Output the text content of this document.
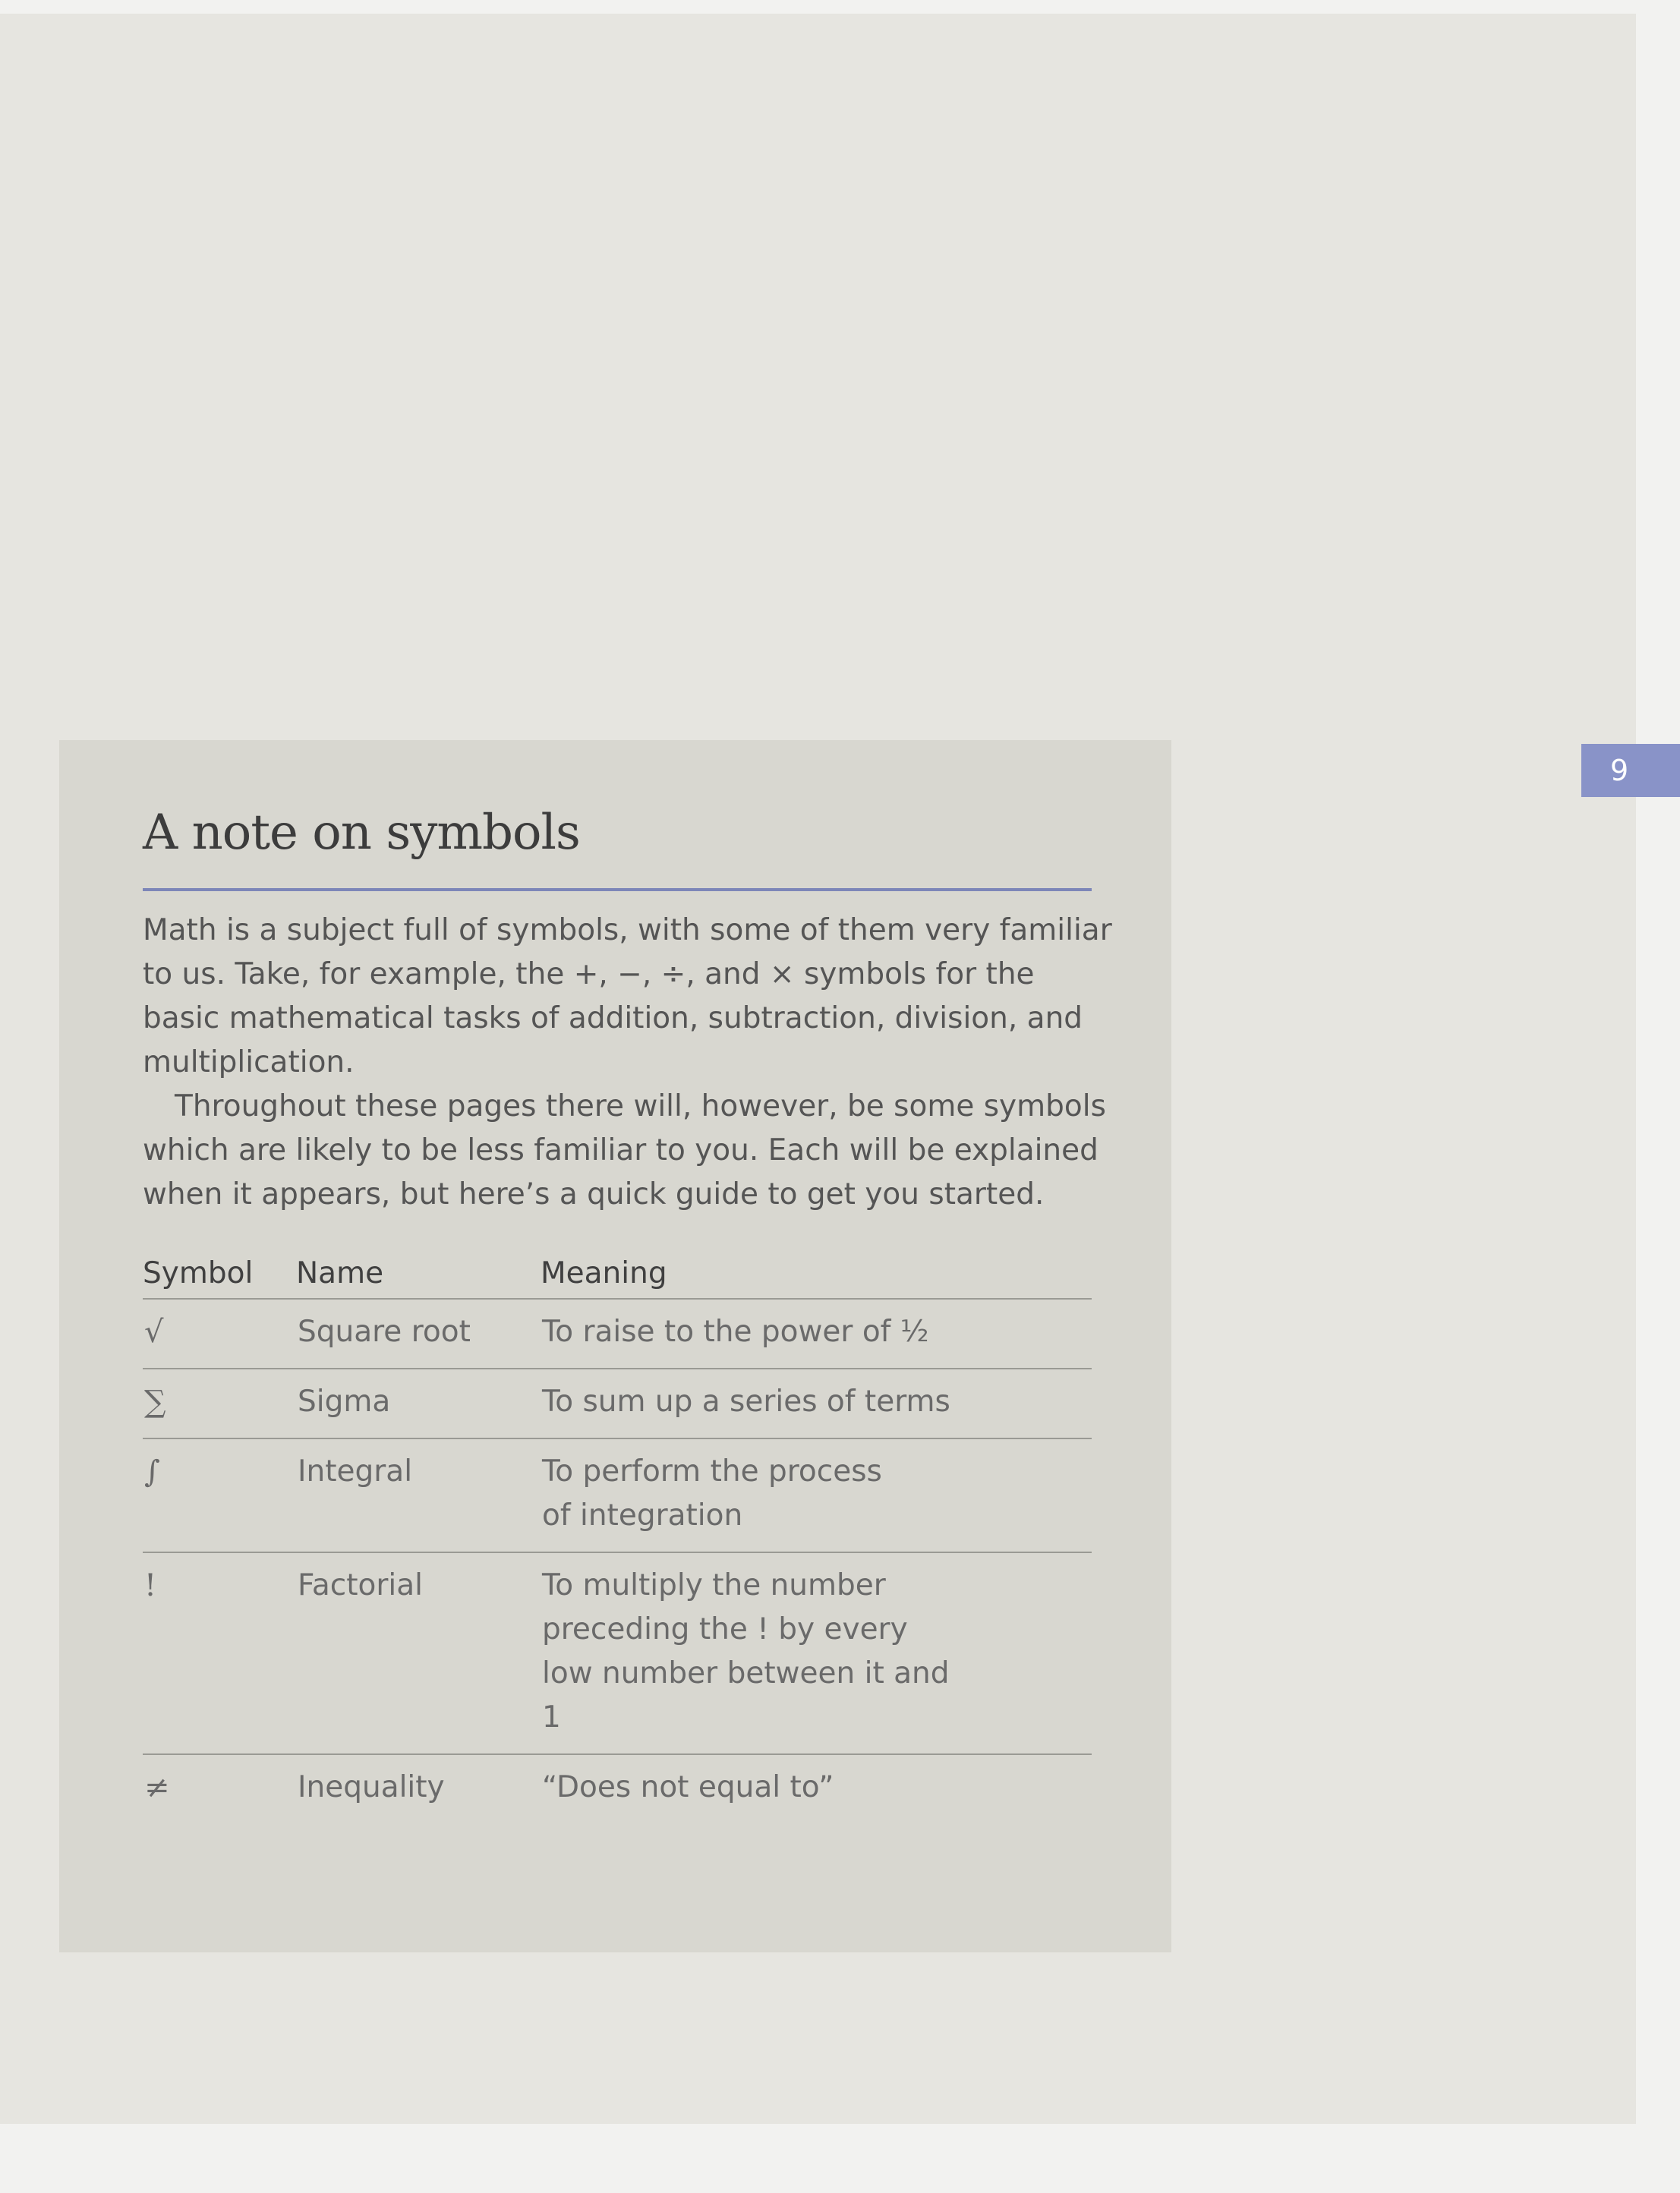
9
A note on symbols

Math is a subject full of symbols, with some of them very familiar to us. Take, for example, the +, −, ÷, and × symbols for the basic mathematical tasks of addition, subtraction, division, and multiplication.

Throughout these pages there will, however, be some symbols which are likely to be less familiar to you. Each will be explained when it appears, but here’s a quick guide to get you started.

Symbol	Name	Meaning
√	Square root	To raise to the power of ½
∑	Sigma	To sum up a series of terms
∫	Integral	To perform the process
of integration
!	Factorial	To multiply the number
preceding the ! by every
low number between it and 1
≠	Inequality	“Does not equal to”
